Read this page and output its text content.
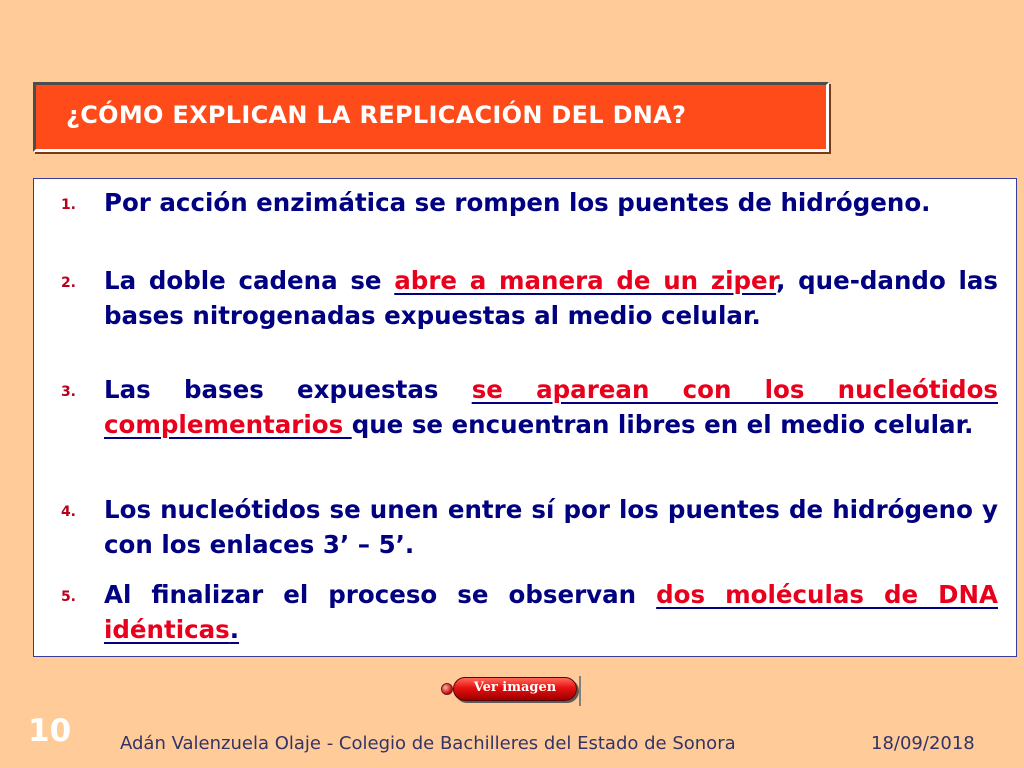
¿CÓMO EXPLICAN LA REPLICACIÓN DEL DNA?
1. Por acción enzimática se rompen los puentes de hidrógeno.
2. La doble cadena se abre a manera de un ziper, que-dando las bases nitrogenadas expuestas al medio celular.
3. Las bases expuestas se aparean con los nucleótidos complementarios que se encuentran libres en el medio celular.
4. Los nucleótidos se unen entre sí por los puentes de hidrógeno y con los enlaces 3’ – 5’.
5. Al finalizar el proceso se observan dos moléculas de DNA idénticas.
Ver imagen
10	Adán Valenzuela Olaje - Colegio de Bachilleres del Estado de Sonora	18/09/2018
